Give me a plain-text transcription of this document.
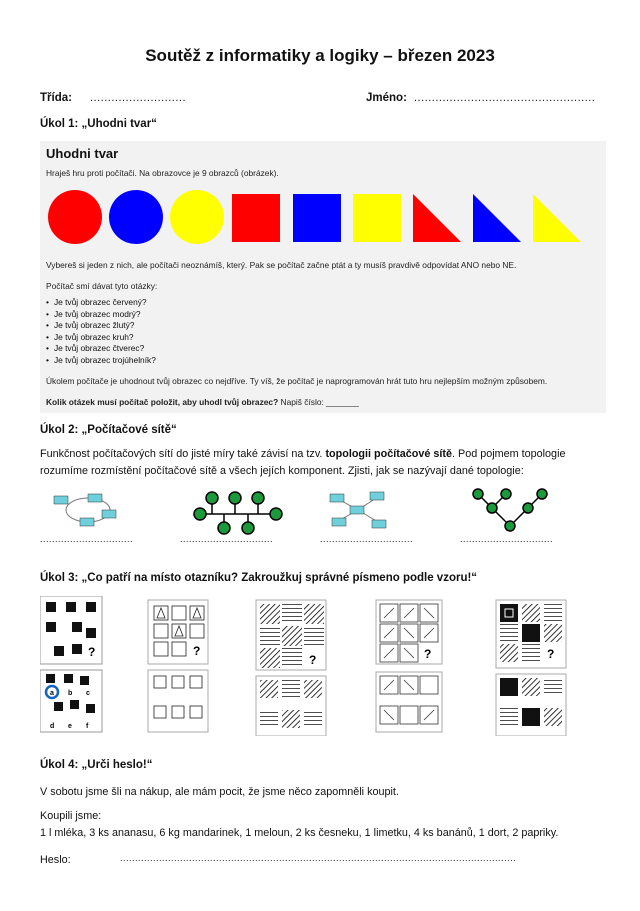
Soutěž z informatiky a logiky – březen 2023
Třída: ...........................	Jméno: ...................................................
Úkol 1: „Uhodni tvar“
Uhodni tvar
Hraješ hru proti počítači. Na obrazovce je 9 obrazců (obrázek).
Vybereš si jeden z nich, ale počítači neoznámíš, který. Pak se počítač začne ptát a ty musíš pravdivě odpovídat ANO nebo NE.
Počítač smí dávat tyto otázky:
• Je tvůj obrazec červený?
• Je tvůj obrazec modrý?
• Je tvůj obrazec žlutý?
• Je tvůj obrazec kruh?
• Je tvůj obrazec čtverec?
• Je tvůj obrazec trojúhelník?
Úkolem počítače je uhodnout tvůj obrazec co nejdříve. Ty víš, že počítač je naprogramován hrát tuto hru nejlepším možným způsobem.
Kolik otázek musí počítač položit, aby uhodl tvůj obrazec? Napiš číslo: _______
Úkol 2: „Počítačové sítě“
Funkčnost počítačových sítí do jisté míry také závisí na tzv. topologii počítačové sítě. Pod pojmem topologie
rozumíme rozmístění počítačové sítě a všech jejích komponent. Zjisti, jak se nazývají dané topologie:
...............................	...............................	...............................	...............................
Úkol 3: „Co patří na místo otazníku? Zakroužkuj správné písmeno podle vzoru!“
?
a b c
d e f
?
?	?	?
Úkol 4: „Urči heslo!“
V sobotu jsme šli na nákup, ale mám pocit, že jsme něco zapomněli koupit.
Koupili jsme:
1 l mléka, 3 ks ananasu, 6 kg mandarinek, 1 meloun, 2 ks česneku, 1 limetku, 4 ks banánů, 1 dort, 2 papriky.
Heslo:	....................................................................................................................................
